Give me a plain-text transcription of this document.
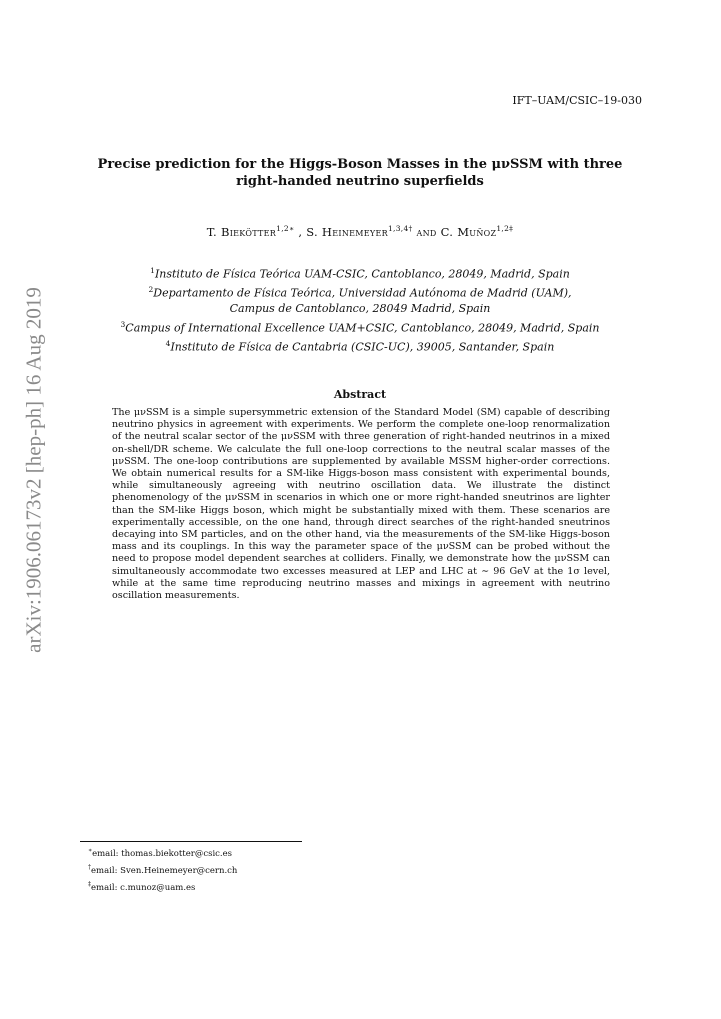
IFT–UAM/CSIC–19-030
arXiv:1906.06173v2 [hep-ph] 16 Aug 2019
Precise prediction for the Higgs-Boson Masses in the μνSSM with three
right-handed neutrino superfields
T. Biekötter$^{1,2∗}$ , S. Heinemeyer$^{1,3,4\dagger}$ and C. Muñoz$^{1,2\ddagger}$
$^1$Instituto de Física Teórica UAM-CSIC, Cantoblanco, 28049, Madrid, Spain
$^2$Departamento de Física Teórica, Universidad Autónoma de Madrid (UAM),
Campus de Cantoblanco, 28049 Madrid, Spain
$^3$Campus of International Excellence UAM+CSIC, Cantoblanco, 28049, Madrid, Spain
$^4$Instituto de Física de Cantabria (CSIC-UC), 39005, Santander, Spain
Abstract
The μνSSM is a simple supersymmetric extension of the Standard Model (SM) capable of describing neutrino physics in agreement with experiments. We perform the complete one-loop renormalization of the neutral scalar sector of the μνSSM with three generation of right-handed neutrinos in a mixed on-shell/DR scheme. We calculate the full one-loop corrections to the neutral scalar masses of the μνSSM. The one-loop contributions are supplemented by available MSSM higher-order corrections. We obtain numerical results for a SM-like Higgs-boson mass consistent with experimental bounds, while simultaneously agreeing with neutrino oscillation data. We illustrate the distinct phenomenology of the μνSSM in scenarios in which one or more right-handed sneutrinos are lighter than the SM-like Higgs boson, which might be substantially mixed with them. These scenarios are experimentally accessible, on the one hand, through direct searches of the right-handed sneutrinos decaying into SM particles, and on the other hand, via the measurements of the SM-like Higgs-boson mass and its couplings. In this way the parameter space of the μνSSM can be probed without the need to propose model dependent searches at colliders. Finally, we demonstrate how the μνSSM can simultaneously accommodate two excesses measured at LEP and LHC at ∼ 96 GeV at the 1σ level, while at the same time reproducing neutrino masses and mixings in agreement with neutrino oscillation measurements.
∗email: thomas.biekotter@csic.es
†email: Sven.Heinemeyer@cern.ch
‡email: c.munoz@uam.es
